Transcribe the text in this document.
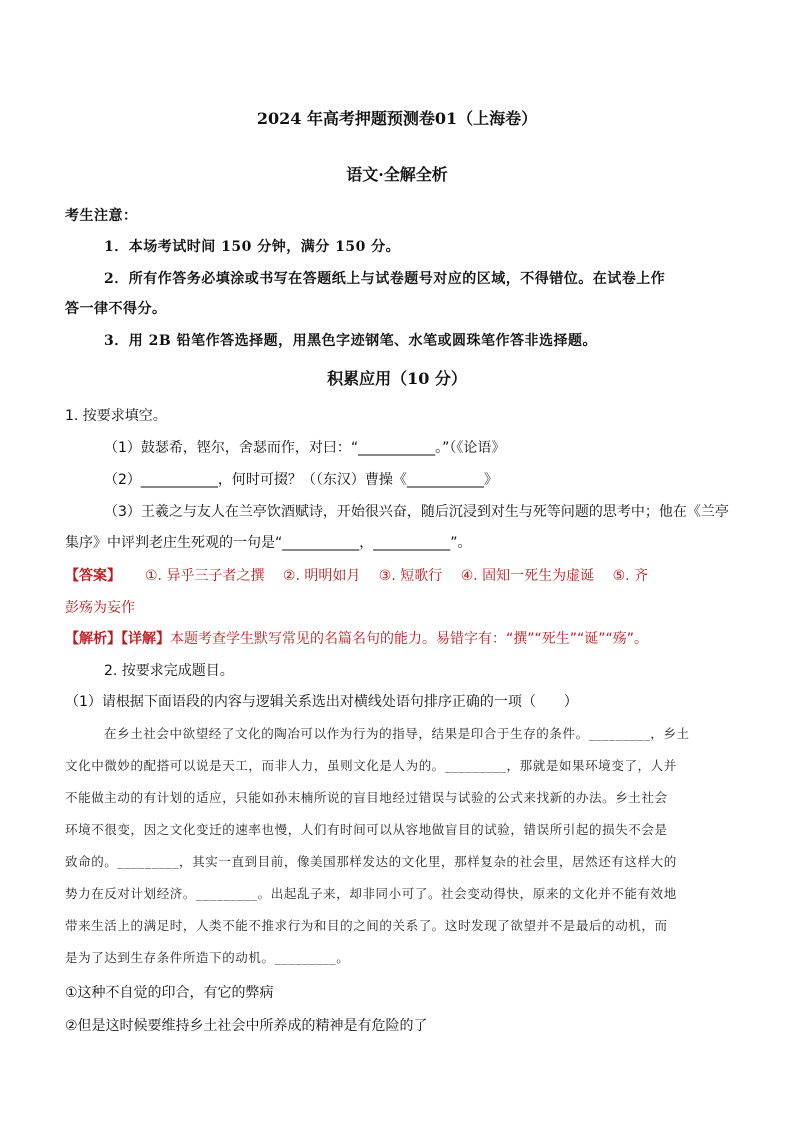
2024 年高考押题预测卷01（上海卷）
语文·全解全析
考生注意：
1．本场考试时间 150 分钟，满分 150 分。
2．所有作答务必填涂或书写在答题纸上与试卷题号对应的区域，不得错位。在试卷上作
答一律不得分。
3．用 2B 铅笔作答选择题，用黑色字迹钢笔、水笔或圆珠笔作答非选择题。
积累应用（10 分）
1. 按要求填空。
（1）鼓瑟希，铿尔，舍瑟而作，对曰：“___________。”（《论语》
（2）___________，何时可掇？（（东汉）曹操《___________》
（3）王羲之与友人在兰亭饮酒赋诗，开始很兴奋，随后沉浸到对生与死等问题的思考中；他在《兰亭
集序》中评判老庄生死观的一句是“___________，___________”。
【答案】 ①. 异乎三子者之撰　 ②. 明明如月　 ③. 短歌行　 ④. 固知一死生为虚诞　 ⑤. 齐
彭殇为妄作
【解析】【详解】本题考查学生默写常见的名篇名句的能力。易错字有：“撰”“死生”“诞”“殇”。
2. 按要求完成题目。
（1）请根据下面语段的内容与逻辑关系选出对横线处语句排序正确的一项（　　）
在乡土社会中欲望经了文化的陶冶可以作为行为的指导，结果是印合于生存的条件。_________，乡土
文化中微妙的配搭可以说是天工，而非人力，虽则文化是人为的。_________，那就是如果环境变了，人并
不能做主动的有计划的适应，只能如孙末楠所说的盲目地经过错误与试验的公式来找新的办法。乡土社会
环境不很变，因之文化变迁的速率也慢，人们有时间可以从容地做盲目的试验，错误所引起的损失不会是
致命的。_________，其实一直到目前，像美国那样发达的文化里，那样复杂的社会里，居然还有这样大的
势力在反对计划经济。_________。出起乱子来，却非同小可了。社会变动得快，原来的文化并不能有效地
带来生活上的满足时，人类不能不推求行为和目的之间的关系了。这时发现了欲望并不是最后的动机，而
是为了达到生存条件所造下的动机。_________。
①这种不自觉的印合，有它的弊病
②但是这时候要维持乡土社会中所养成的精神是有危险的了
